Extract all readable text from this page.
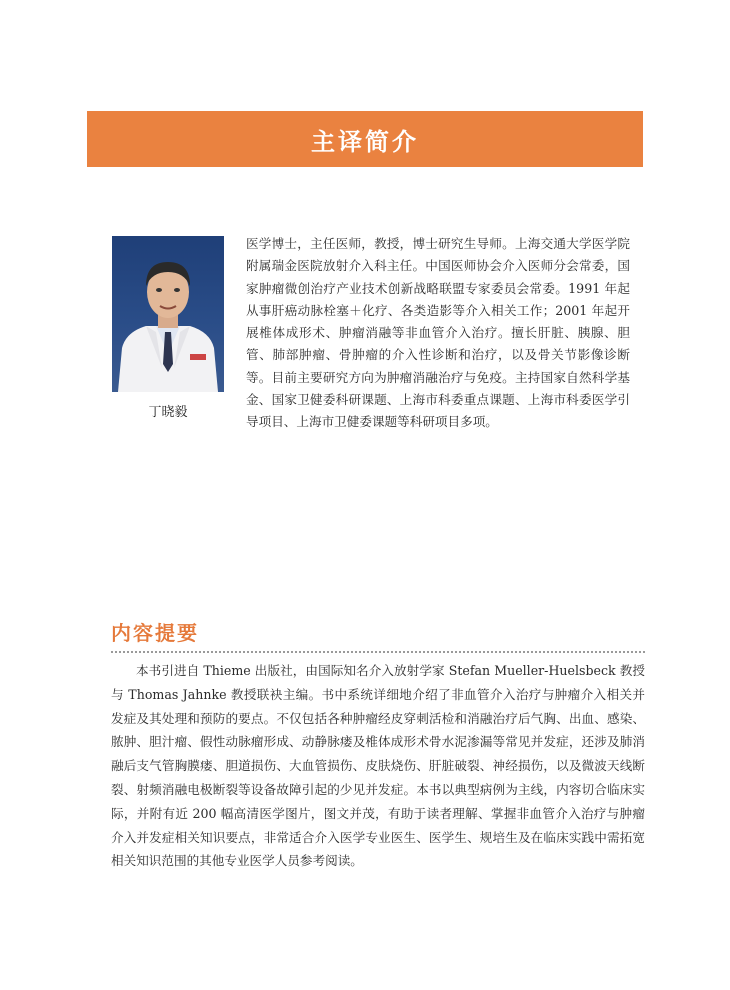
主译简介
丁晓毅
医学博士，主任医师，教授，博士研究生导师。上海交通大学医学院附属瑞金医院放射介入科主任。中国医师协会介入医师分会常委，国家肿瘤微创治疗产业技术创新战略联盟专家委员会常委。1991 年起从事肝癌动脉栓塞＋化疗、各类造影等介入相关工作；2001 年起开展椎体成形术、肿瘤消融等非血管介入治疗。擅长肝脏、胰腺、胆管、肺部肿瘤、骨肿瘤的介入性诊断和治疗，以及骨关节影像诊断等。目前主要研究方向为肿瘤消融治疗与免疫。主持国家自然科学基金、国家卫健委科研课题、上海市科委重点课题、上海市科委医学引导项目、上海市卫健委课题等科研项目多项。
内容提要
本书引进自 Thieme 出版社，由国际知名介入放射学家 Stefan Mueller-Huelsbeck 教授与 Thomas Jahnke 教授联袂主编。书中系统详细地介绍了非血管介入治疗与肿瘤介入相关并发症及其处理和预防的要点。不仅包括各种肿瘤经皮穿刺活检和消融治疗后气胸、出血、感染、脓肿、胆汁瘤、假性动脉瘤形成、动静脉瘘及椎体成形术骨水泥渗漏等常见并发症，还涉及肺消融后支气管胸膜瘘、胆道损伤、大血管损伤、皮肤烧伤、肝脏破裂、神经损伤，以及微波天线断裂、射频消融电极断裂等设备故障引起的少见并发症。本书以典型病例为主线，内容切合临床实际，并附有近 200 幅高清医学图片，图文并茂，有助于读者理解、掌握非血管介入治疗与肿瘤介入并发症相关知识要点，非常适合介入医学专业医生、医学生、规培生及在临床实践中需拓宽相关知识范围的其他专业医学人员参考阅读。
